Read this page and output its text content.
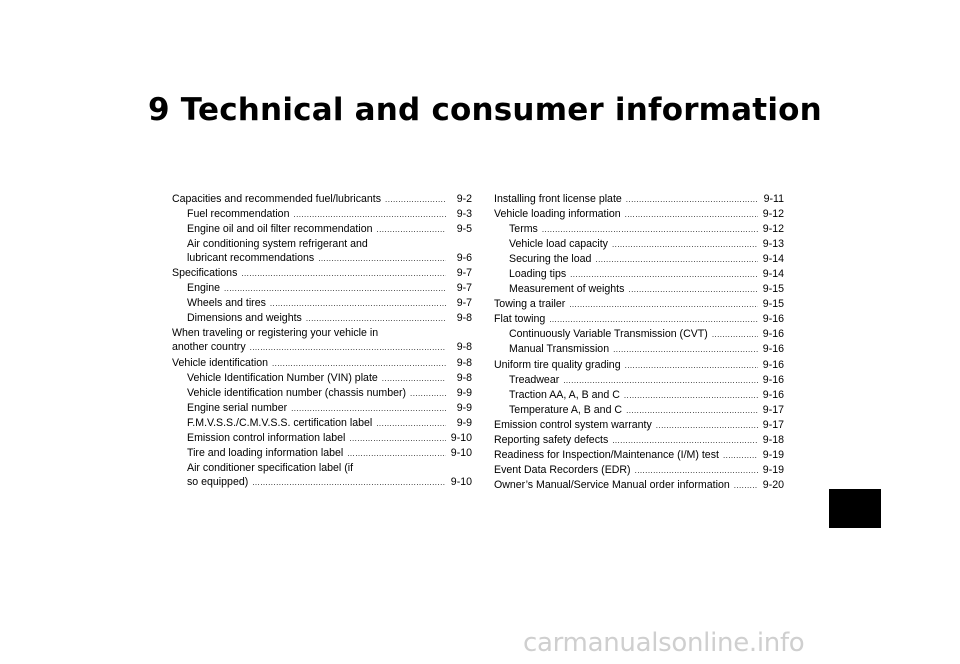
9 Technical and consumer information
Capacities and recommended fuel/lubricants . . .	9-2
Fuel recommendation . . .	9-3
Engine oil and oil filter recommendation . . .	9-5
Air conditioning system refrigerant and
lubricant recommendations . . .	9-6
Specifications . . .	9-7
Engine . . .	9-7
Wheels and tires . . .	9-7
Dimensions and weights . . .	9-8
When traveling or registering your vehicle in
another country . . .	9-8
Vehicle identification . . .	9-8
Vehicle Identification Number (VIN) plate . . .	9-8
Vehicle identification number (chassis number) . . .	9-9
Engine serial number . . .	9-9
F.M.V.S.S./C.M.V.S.S. certification label . . .	9-9
Emission control information label . . .	9-10
Tire and loading information label . . .	9-10
Air conditioner specification label (if
so equipped) . . .	9-10
Installing front license plate . . .	9-11
Vehicle loading information . . .	9-12
Terms . . .	9-12
Vehicle load capacity . . .	9-13
Securing the load . . .	9-14
Loading tips . . .	9-14
Measurement of weights . . .	9-15
Towing a trailer . . .	9-15
Flat towing . . .	9-16
Continuously Variable Transmission (CVT) . . .	9-16
Manual Transmission . . .	9-16
Uniform tire quality grading . . .	9-16
Treadwear . . .	9-16
Traction AA, A, B and C . . .	9-16
Temperature A, B and C . . .	9-17
Emission control system warranty . . .	9-17
Reporting safety defects . . .	9-18
Readiness for Inspection/Maintenance (I/M) test . . .	9-19
Event Data Recorders (EDR) . . .	9-19
Owner’s Manual/Service Manual order information . . .	9-20
carmanualsonline.info
